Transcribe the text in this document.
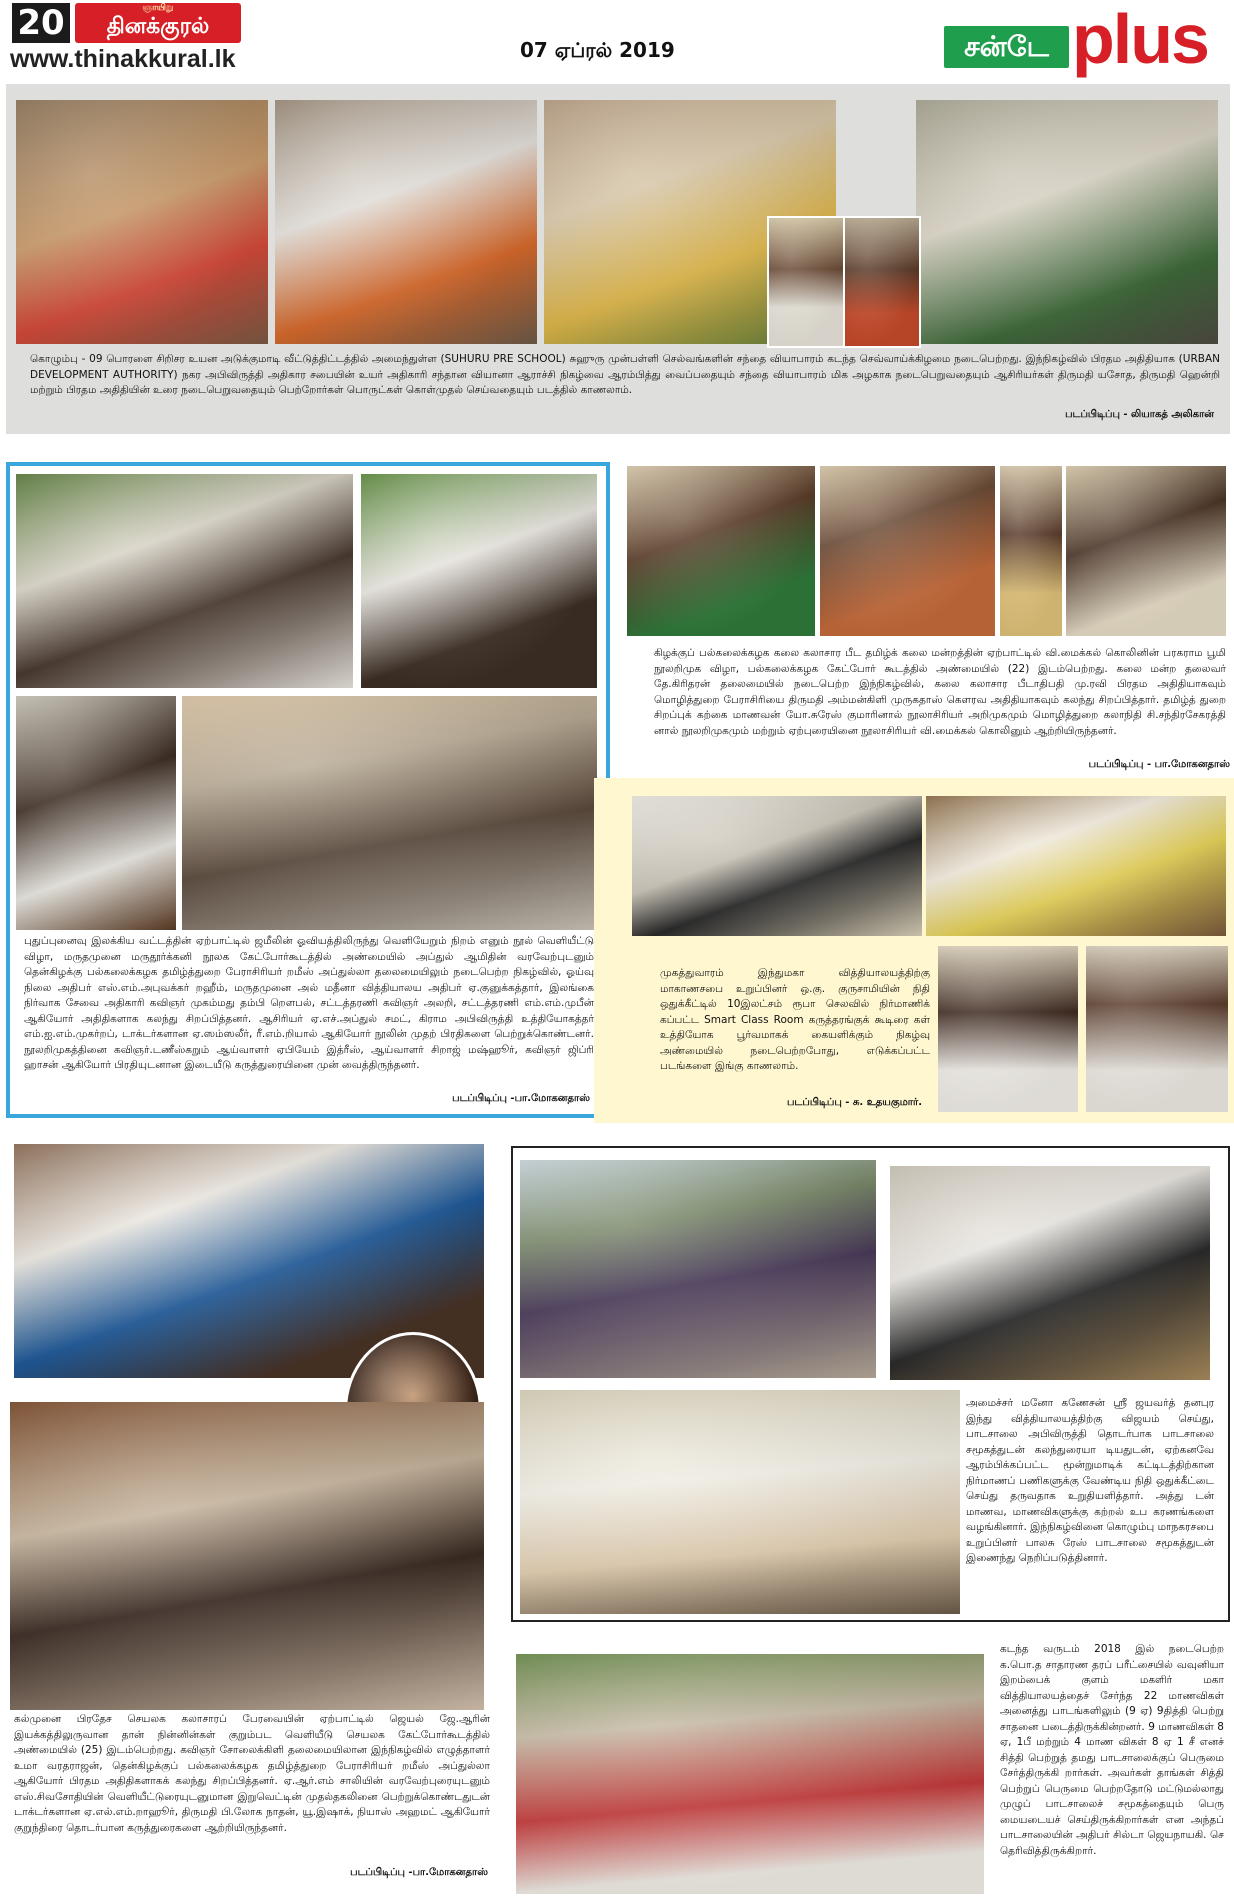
20	ஞாயிறு
தினக்குரல்
www.thinakkural.lk	07 ஏப்ரல் 2019	சன்டே plus

கொழும்பு - 09 பொரளை சிறிசர உயன அடுக்குமாடி வீட்டுத்திட்டத்தில் அமைந்துள்ள (SUHURU PRE SCHOOL) சுஹுரு முன்பள்ளி செல்வங்களின் சந்தை வியாபாரம் கடந்த செவ்வாய்க்கிழமை நடைபெற்றது. இந்நிகழ்வில் பிரதம அதிதியாக (URBAN DEVELOPMENT AUTHORITY) நகர அபிவிருத்தி அதிகார சபையின் உயர் அதிகாரி சந்தான வியானா ஆராச்சி நிகழ்வை ஆரம்பித்து வைப்பதையும் சந்தை வியாபாரம் மிக அழகாக நடைபெறுவதையும் ஆசிரியர்கள் திருமதி யசோத, திருமதி ஹென்றி மற்றும் பிரதம அதிதியின் உரை நடைபெறுவதையும் பெற்றோர்கள் பொருட்கள் கொள்முதல் செய்வதையும் படத்தில் காணலாம்.

படப்பிடிப்பு - லியாகத் அலிகான்

புதுப்புனைவு இலக்கிய வட்டத்தின் ஏற்பாட்டில் ஜமீலின் ஓவியத்திலிருந்து வெளியேறும் நிறம் எனும் நூல் வெளியீட்டு விழா, மருதமுனை மருதூர்க்கனி நூலக கேட்போர்கூடத்தில் அண்மையில் அப்துல் ஆமிதின் வரவேற்புடனும் தென்கிழக்கு பல்கலைக்கழக தமிழ்த்துறை பேராசிரியர் றமீஸ் அப்துல்லா தலைமையிலும் நடைபெற்ற நிகழ்வில், ஓய்வு நிலை அதிபர் எஸ்.எம்.அபுவக்கர் றஹீம், மருதமுனை அல் மதீனா வித்தியாலய அதிபர் ஏ.குனுக்கத்தார், இலங்கை நிர்வாக சேவை அதிகாரி கவிஞர் முகம்மது தம்பி றௌபல், சட்டத்தரணி கவிஞர் அலறி, சட்டத்தரணி எம்.எம்.முபீன் ஆகியோர் அதிதிகளாக கலந்து சிறப்பித்தனர். ஆசிரியர் ஏ.எச்.அப்துல் சமட், கிராம அபிவிருத்தி உத்தியோகத்தர் எம்.ஐ.எம்.முகர்றப், டாக்டர்களான ஏ.ஸம்ஸலீர், ரீ.எம்.றியால் ஆகியோர் நூலின் முதற் பிரதிகளை பெற்றுக்கொண்டனர். நூலறிமுகத்தினை கவிஞர்.டணீஸ்கறும் ஆய்வாளர் ஏபியேம் இத்ரீஸ், ஆய்வாளர் சிறாஜ் மஷ்ஹூர், கவிஞர் ஜிப்ரி ஹாசன் ஆகியோர் பிரதியுடனான இடையீடு கருத்துரையினை முன் வைத்திருந்தனர்.

படப்பிடிப்பு -பா.மோகனதாஸ்

கிழக்குப் பல்கலைக்கழக கலை கலாசார பீட தமிழ்க் கலை மன்றத்தின் ஏற்பாட்டில் வி.மைக்கல் கொலினின் பரகராம பூமி நூலறிமுக விழா, பல்கலைக்கழக கேட்போர் கூடத்தில் அண்மையில் (22) இடம்பெற்றது. கலை மன்ற தலைவர் தே.கிரிதரன் தலைமையில் நடைபெற்ற இந்நிகழ்வில், கலை கலாசார பீடாதிபதி மு.ரவி பிரதம அதிதியாகவும் மொழித்துறை பேராசிரியை திருமதி அம்மன்கிளி முருகதாஸ் கௌரவ அதிதியாகவும் கலந்து சிறப்பித்தார். தமிழ்த் துறை சிறப்புக் கற்கை மாணவன் யோ.சுரேஸ் குமாரினால் நூலாசிரியர் அறிமுகமும் மொழித்துறை கலாநிதி சி.சந்திரசேகரத்தி னால் நூலறிமுகமும் மற்றும் ஏற்புரையினை நூலாசிரியர் வி.மைக்கல் கொலினும் ஆற்றியிருந்தனர்.

படப்பிடிப்பு - பா.மோகனதாஸ்

முகத்துவாரம் இந்துமகா வித்தியாலயத்திற்கு மாகாணசபை உறுப்பினர் ஒ.கு. குருசாமியின் நிதி ஒதுக்கீட்டில் 10இலட்சம் ரூபா செலவில் நிர்மாணிக் கப்பட்ட Smart Class Room கருத்தரங்குக் கூடிரை கள் உத்தியோக பூர்வமாகக் கையளிக்கும் நிகழ்வு அண்மையில் நடைபெற்றபோது, எடுக்கப்பட்ட படங்களை இங்கு காணலாம்.

படப்பிடிப்பு - சு. உதயகுமார்.

கல்முனை பிரதேச செயலக கலாசாரப் பேரவையின் ஏற்பாட்டில் ஜெயல் ஜே.ஆரின் இயக்கத்திலுருவான தான் நின்னின்கள் குறும்பட வெளியீடு செயலக கேட்போர்கூடத்தில் அண்மையில் (25) இடம்பெற்றது. கவிஞர் சோலைக்கிளி தலைமையிலான இந்நிகழ்வில் எழுத்தாளர் உமா வரதராஜன், தென்கிழக்குப் பல்கலைக்கழக தமிழ்த்துறை பேராசிரியர் றமீஸ் அப்துல்லா ஆகியோர் பிரதம அதிதிகளாகக் கலந்து சிறப்பித்தனர். ஏ.ஆர்.எம் சாலியின் வரவேற்புரையுடனும் எஸ்.சிவசோதியின் வெளியீட்டுரையுடனுமான இறுவெட்டின் முதல்தகலினை பெற்றுக்கொண்டதுடன் டாக்டர்களான ஏ.எல்.எம்.றாஹூர், திருமதி பி.லோக நாதன், யூ.இஷாக், நியாஸ் அஹமட் ஆகியோர் குறுந்திரை தொடர்பான கருத்துரைகளை ஆற்றியிருந்தனர்.

படப்பிடிப்பு -பா.மோகனதாஸ்

அமைச்சர் மனோ கணேசன் ஸ்ரீ ஜயவர்த் தனபுர இந்து வித்தியாலயத்திற்கு விஜயம் செய்து, பாடசாலை அபிவிருத்தி தொடர்பாக பாடசாலை சமூகத்துடன் கலந்துரையா டியதுடன், ஏற்கனவே ஆரம்பிக்கப்பட்ட மூன்றுமாடிக் கட்டிடத்திற்கான நிர்மாணப் பணிகளுக்கு வேண்டிய நிதி ஒதுக்கீட்டை செய்து தருவதாக உறுதியளித்தார். அத்து டன் மாணவ, மாணவிகளுக்கு கற்றல் உப கரணங்களை வழங்கினார். இந்நிகழ்வினை கொழும்பு மாநகரசபை உறுப்பினர் பாலசு ரேஸ் பாடசாலை சமூகத்துடன் இணைந்து நெறிப்படுத்தினார்.

கடந்த வருடம் 2018 இல் நடைபெற்ற க.பொ.த சாதாரண தரப் பரீட்சையில் வவுனியா இறம்பைக் குளம் மகளிர் மகா வித்தியாலயத்தைச் சேர்ந்த 22 மாணவிகள் அனைத்து பாடங்களிலும் (9 ஏ) 9தித்தி பெற்று சாதனை படைத்திருக்கின்றனர். 9 மாணவிகள் 8 ஏ, 1பீ மற்றும் 4 மாண விகள் 8 ஏ 1 சீ எனச் சித்தி பெற்றுத் தமது பாடசாலைக்குப் பெருமை சேர்த்திருக்கி றார்கள். அவர்கள் தாங்கள் சித்தி பெற்றுப் பெருமை பெற்றதோடு மட்டுமல்லாது முழுப் பாடசாலைச் சமூகத்தையும் பெரு மையடையச் செய்திருக்கிறார்கள் என அந்தப் பாடசாலையின் அதிபர் சில்டா ஜெயநாயகி. செ தெரிவித்திருக்கிறார்.
